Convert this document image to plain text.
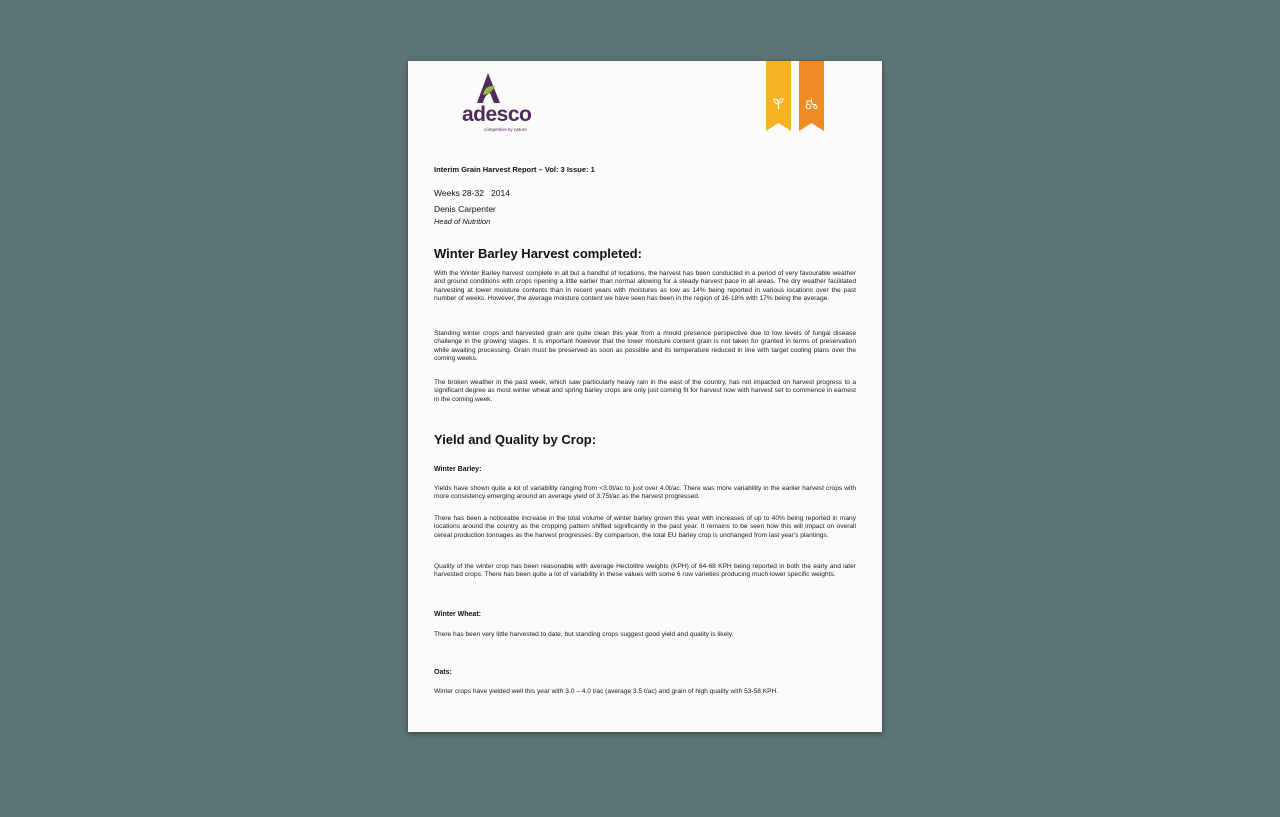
adesco
competitive by nature
Interim Grain Harvest Report – Vol: 3 Issue: 1
Weeks 28-32   2014
Denis Carpenter
Head of Nutrition
Winter Barley Harvest completed:

With the Winter Barley harvest complete in all but a handful of locations, the harvest has been conducted in a period of very favourable weather and ground conditions with crops ripening a little earlier than normal allowing for a steady harvest pace in all areas. The dry weather facilitated harvesting at lower moisture contents than in recent years with moistures as low as 14% being reported in various locations over the past number of weeks. However, the average moisture content we have seen has been in the region of 16-18% with 17% being the average.

Standing winter crops and harvested grain are quite clean this year from a mould presence perspective due to low levels of fungal disease challenge in the growing stages. It is important however that the lower moisture content grain is not taken for granted in terms of preservation while awaiting processing. Grain must be preserved as soon as possible and its temperature reduced in line with target cooling plans over the coming weeks.

The broken weather in the past week, which saw particularly heavy rain in the east of the country, has not impacted on harvest progress to a significant degree as most winter wheat and spring barley crops are only just coming fit for harvest now with harvest set to commence in earnest in the coming week.

Yield and Quality by Crop:
Winter Barley:

Yields have shown quite a lot of variability ranging from <3.0t/ac to just over 4.0t/ac. There was more variability in the earlier harvest crops with more consistency emerging around an average yield of 3.75t/ac as the harvest progressed.

There has been a noticeable increase in the total volume of winter barley grown this year with increases of up to 40% being reported in many locations around the country as the cropping pattern shifted significantly in the past year. It remains to be seen how this will impact on overall cereal production tonnages as the harvest progresses. By comparison, the total EU barley crop is unchanged from last year's plantings.

Quality of the winter crop has been reasonable with average Hectolitre weights (KPH) of 64-68 KPH being reported in both the early and later harvested crops. There has been quite a lot of variability in these values with some 6 row varieties producing much lower specific weights.

Winter Wheat:

There has been very little harvested to date, but standing crops suggest good yield and quality is likely.

Oats:

Winter crops have yielded well this year with 3.0 – 4.0 t/ac (average 3.5 t/ac) and grain of high quality with 53-58 KPH.
